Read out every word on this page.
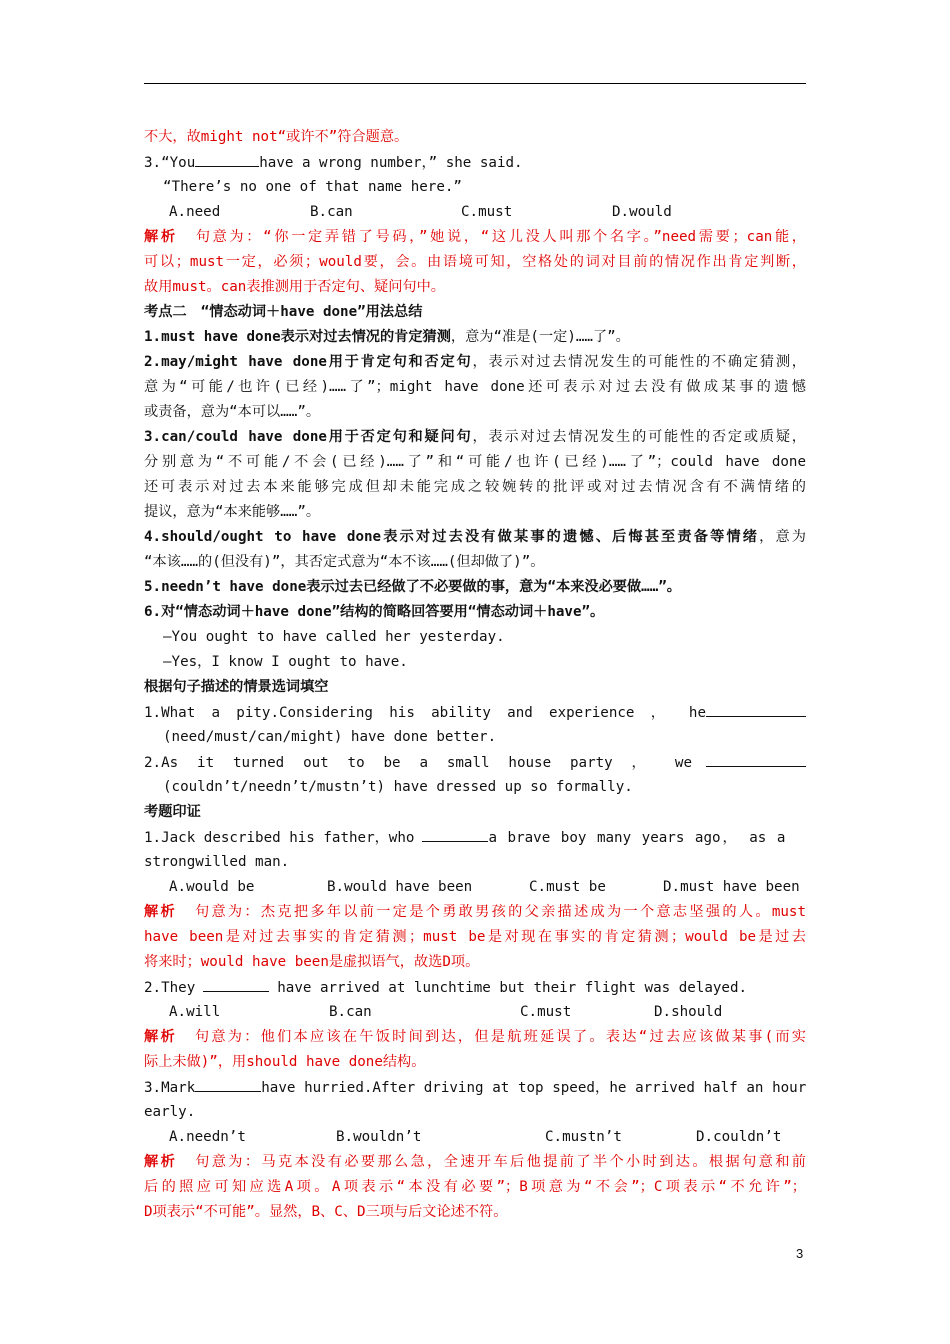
不大，故might not“或许不”符合题意。
3.“You	have a wrong number，” she said.
“There’s no one of that name here.”
A.need	B.can	C.must	D.would
解析 句意为：“你一定弄错了号码，”她说，“这儿没人叫那个名字。”need需要；can能，
可以；must一定，必须；would要，会。由语境可知，空格处的词对目前的情况作出肯定判断，
故用must。can表推测用于否定句、疑问句中。
考点二　“情态动词＋have done”用法总结
1.must have done表示对过去情况的肯定猜测，意为“准是(一定)……了”。
2.may/might have done用于肯定句和否定句，表示对过去情况发生的可能性的不确定猜测，
意为“可能/也许(已经)……了”；might have done还可表示对过去没有做成某事的遗憾
或责备，意为“本可以……”。
3.can/could have done用于否定句和疑问句，表示对过去情况发生的可能性的否定或质疑，
分别意为“不可能/不会(已经)……了”和“可能/也许(已经)……了”；could have done
还可表示对过去本来能够完成但却未能完成之较婉转的批评或对过去情况含有不满情绪的
提议，意为“本来能够……”。
4.should/ought to have done表示对过去没有做某事的遗憾、后悔甚至责备等情绪，意为
“本该……的(但没有)”，其否定式意为“本不该……(但却做了)”。
5.needn’t have done表示过去已经做了不必要做的事，意为“本来没必要做……”。
6.对“情态动词＋have done”结构的简略回答要用“情态动词＋have”。
—You ought to have called her yesterday.
—Yes，I know I ought to have.
根据句子描述的情景选词填空
1.What a pity.Considering his ability and experience ， he
(need/must/can/might) have done better.
2.As it turned out to be a small house party ， we
(couldn’t/needn’t/mustn’t) have dressed up so formally.
考题印证
1.Jack described his father，who	a brave boy many years ago， as a
strongwilled man.
A.would be	B.would have been	C.must be	D.must have been
解析 句意为：杰克把多年以前一定是个勇敢男孩的父亲描述成为一个意志坚强的人。must
have been是对过去事实的肯定猜测；must be是对现在事实的肯定猜测；would be是过去
将来时；would have been是虚拟语气，故选D项。
2.They	have arrived at lunchtime but their flight was delayed.
A.will	B.can	C.must	D.should
解析 句意为：他们本应该在午饭时间到达，但是航班延误了。表达“过去应该做某事(而实
际上未做)”，用should have done结构。
3.Mark	have hurried.After driving at top speed，he arrived half an hour
early.
A.needn’t	B.wouldn’t	C.mustn’t	D.couldn’t
解析 句意为：马克本没有必要那么急，全速开车后他提前了半个小时到达。根据句意和前
后的照应可知应选A项。A项表示“本没有必要”；B项意为“不会”；C项表示“不允许”；
D项表示“不可能”。显然，B、C、D三项与后文论述不符。
3
